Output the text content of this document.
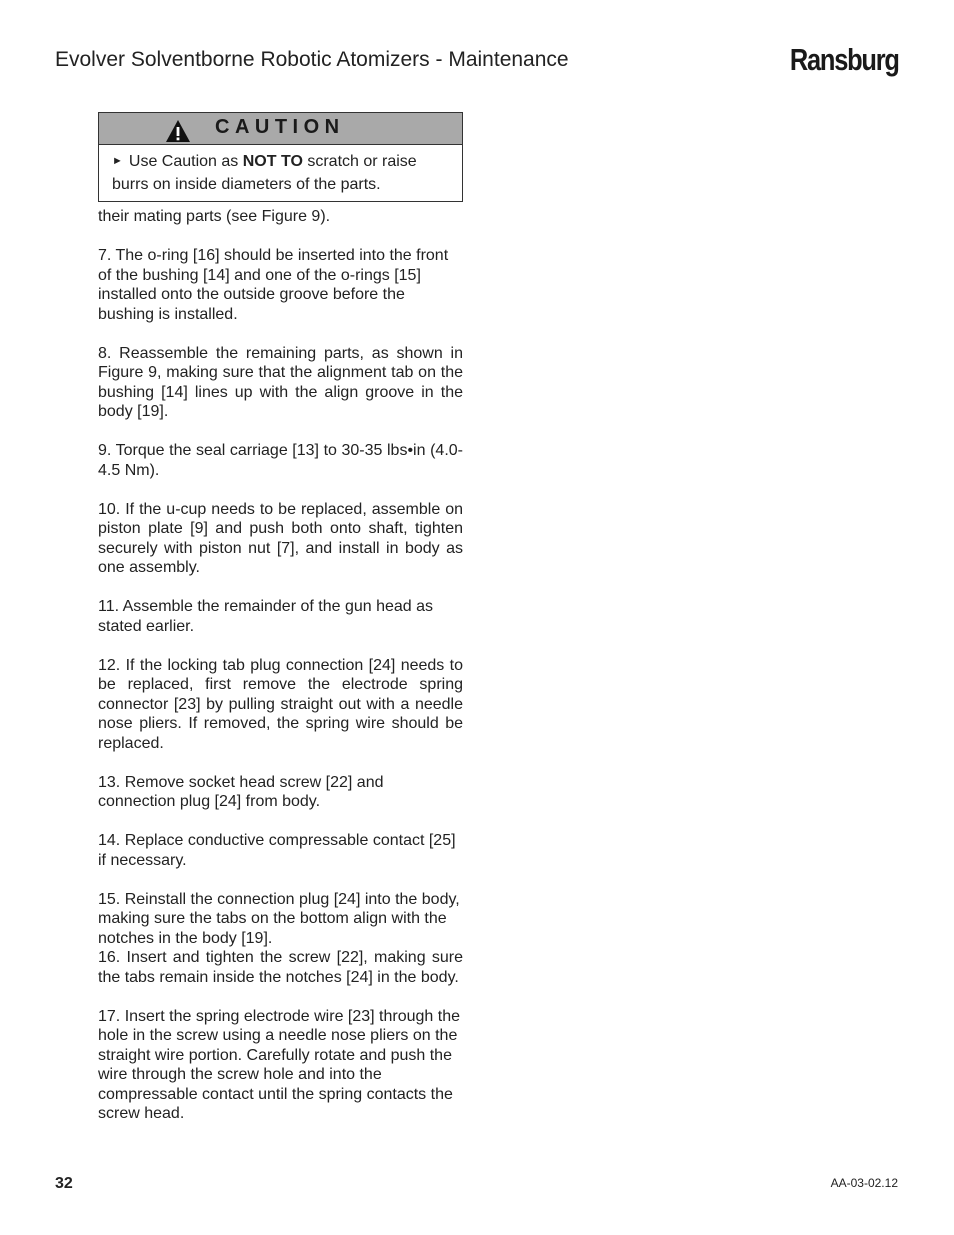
Evolver Solventborne Robotic Atomizers - Maintenance	Ransburg
CAUTION
► Use Caution as NOT TO scratch or raise burrs on inside diameters of the parts.

their mating parts (see Figure 9).

7. The o-ring [16] should be inserted into the front of the bushing [14] and one of the o-rings [15] installed onto the outside groove before the bushing is installed.

8. Reassemble the remaining parts, as shown in Figure 9, making sure that the alignment tab on the bushing [14] lines up with the align groove in the body [19].

9. Torque the seal carriage [13] to 30-35 lbs•in (4.0-4.5 Nm).

10. If the u-cup needs to be replaced, assemble on piston plate [9] and push both onto shaft, tighten securely with piston nut [7], and install in body as one assembly.

11. Assemble the remainder of the gun head as stated earlier.

12. If the locking tab plug connection [24] needs to be replaced, first remove the electrode spring connector [23] by pulling straight out with a needle nose pliers. If removed, the spring wire should be replaced.

13. Remove socket head screw [22] and connection plug [24] from body.

14. Replace conductive compressable contact [25] if necessary.

15. Reinstall the connection plug [24] into the body, making sure the tabs on the bottom align with the notches in the body [19].

16. Insert and tighten the screw [22], making sure the tabs remain inside the notches [24] in the body.

17. Insert the spring electrode wire [23] through the hole in the screw using a needle nose pliers on the straight wire portion. Carefully rotate and push the wire through the screw hole and into the compressable contact until the spring contacts the screw head.

32	AA-03-02.12
